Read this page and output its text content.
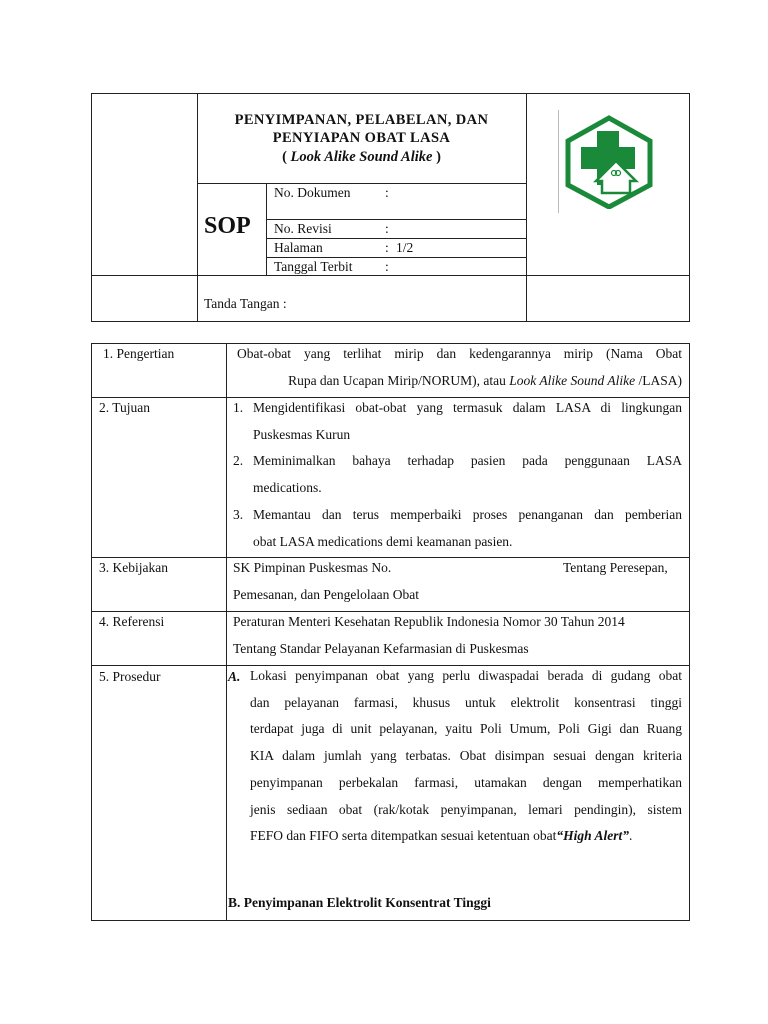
PENYIMPANAN, PELABELAN, DAN
PENYIAPAN OBAT LASA
( Look Alike Sound Alike )
SOP
No. Dokumen	:
No. Revisi	:
Halaman	: 1/2
Tanggal Terbit :
Tanda Tangan :
1. Pengertian	Obat-obat yang terlihat mirip dan kedengarannya mirip (Nama Obat

Rupa dan Ucapan Mirip/NORUM), atau Look Alike Sound Alike /LASA)

2. Tujuan	1. Mengidentifikasi obat-obat yang termasuk dalam LASA di lingkungan

Puskesmas Kurun

2. Meminimalkan bahaya terhadap pasien pada penggunaan LASA

medications.

3. Memantau dan terus memperbaiki proses penanganan dan pemberian

obat LASA medications demi keamanan pasien.

3. Kebijakan	SK Pimpinan Puskesmas No.	Tentang Peresepan,
Pemesanan, dan Pengelolaan Obat
4. Referensi	Peraturan Menteri Kesehatan Republik Indonesia Nomor 30 Tahun 2014
Tentang Standar Pelayanan Kefarmasian di Puskesmas
5. Prosedur	A. Lokasi penyimpanan obat yang perlu diwaspadai berada di gudang obat

dan pelayanan farmasi, khusus untuk elektrolit konsentrasi tinggi

terdapat juga di unit pelayanan, yaitu Poli Umum, Poli Gigi dan Ruang

KIA dalam jumlah yang terbatas. Obat disimpan sesuai dengan kriteria

penyimpanan perbekalan farmasi, utamakan dengan memperhatikan

jenis sediaan obat (rak/kotak penyimpanan, lemari pendingin), sistem

FEFO dan FIFO serta ditempatkan sesuai ketentuan obat“High Alert”.

B. Penyimpanan Elektrolit Konsentrat Tinggi
